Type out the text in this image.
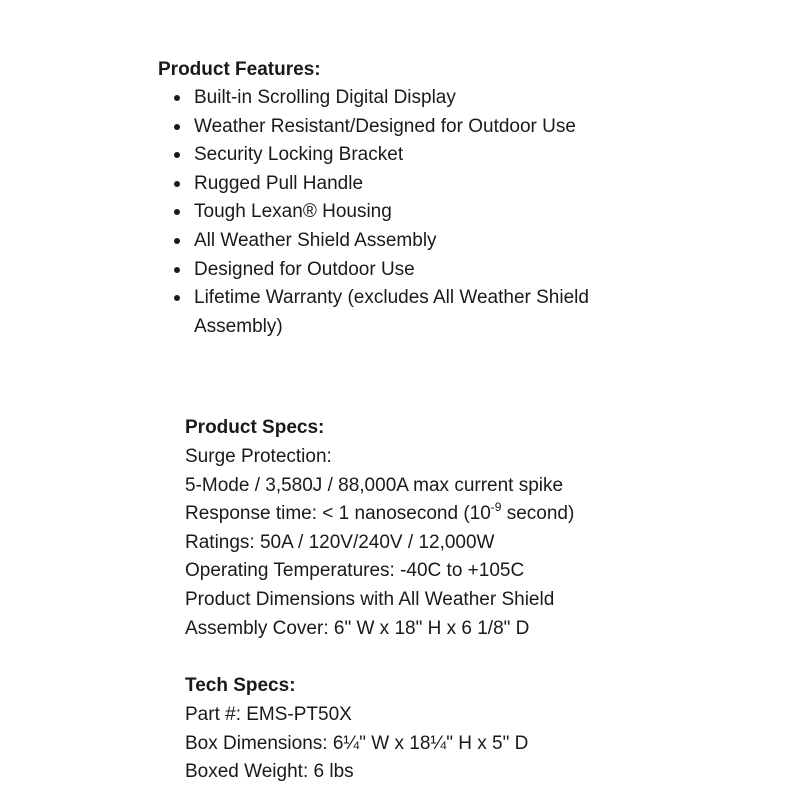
Product Features:
Built-in Scrolling Digital Display
Weather Resistant/Designed for Outdoor Use
Security Locking Bracket
Rugged Pull Handle
Tough Lexan® Housing
All Weather Shield Assembly
Designed for Outdoor Use
Lifetime Warranty (excludes All Weather Shield Assembly)
Product Specs:
Surge Protection:
5-Mode / 3,580J / 88,000A max current spike
Response time: < 1 nanosecond ($10^{-9}$ second)
Ratings: 50A / 120V/240V / 12,000W
Operating Temperatures: -40C to +105C
Product Dimensions with All Weather Shield
Assembly Cover: 6" W x 18" H x 6 1/8" D
Tech Specs:
Part #: EMS-PT50X
Box Dimensions: 6¼" W x 18¼" H x 5" D
Boxed Weight: 6 lbs
